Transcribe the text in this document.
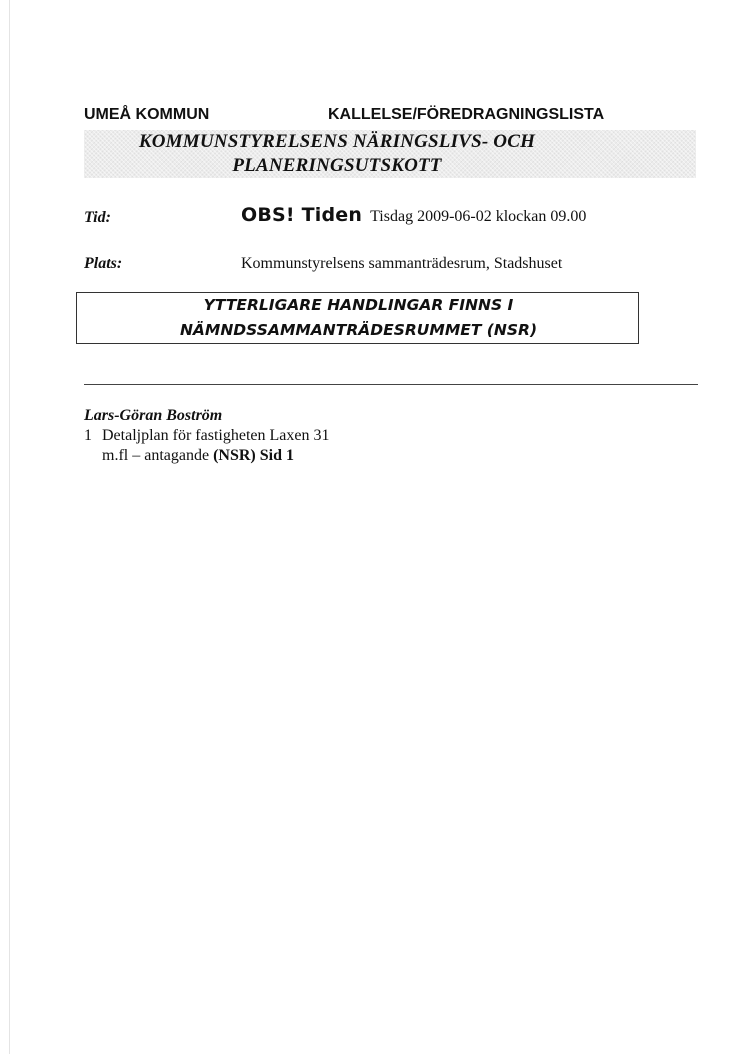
UMEÅ KOMMUN	KALLELSE/FÖREDRAGNINGSLISTA
KOMMUNSTYRELSENS NÄRINGSLIVS- OCH
PLANERINGSUTSKOTT
Tid:	OBS! Tiden Tisdag 2009-06-02 klockan 09.00
Plats:	Kommunstyrelsens sammanträdesrum, Stadshuset
YTTERLIGARE HANDLINGAR FINNS I
NÄMNDSSAMMANTRÄDESRUMMET (NSR)
Lars-Göran Boström
1 Detaljplan för fastigheten Laxen 31
m.fl – antagande (NSR) Sid 1
